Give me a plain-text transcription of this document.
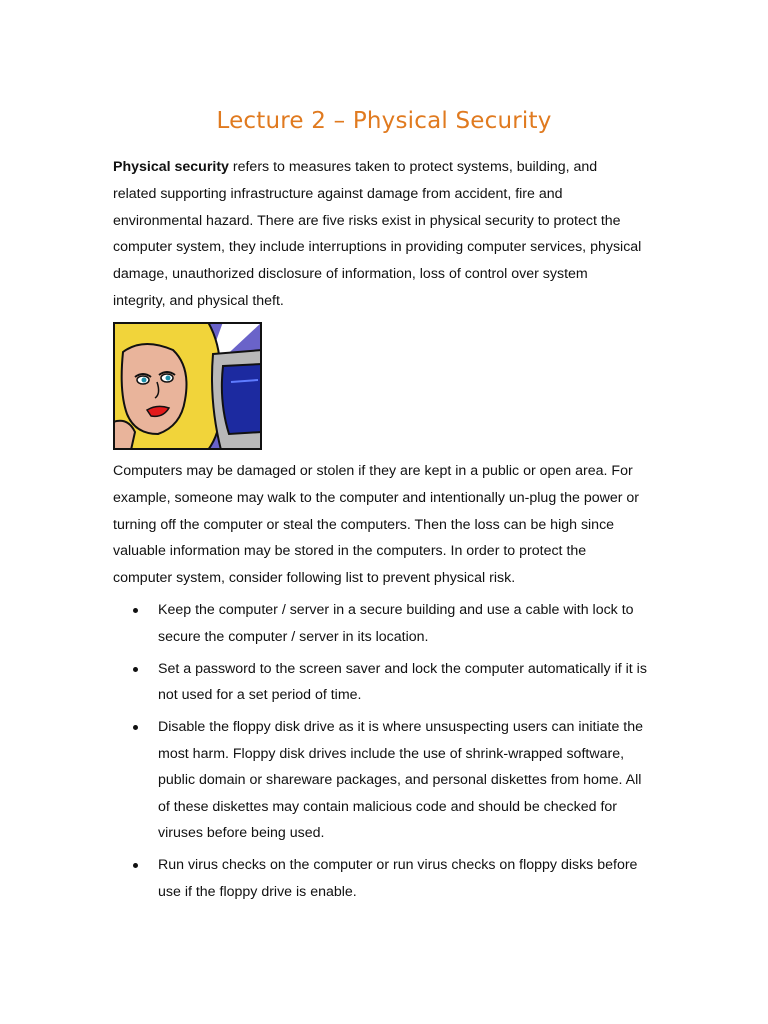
Lecture 2 – Physical Security

Physical security refers to measures taken to protect systems, building, and related supporting infrastructure against damage from accident, fire and environmental hazard. There are five risks exist in physical security to protect the computer system, they include interruptions in providing computer services, physical damage, unauthorized disclosure of information, loss of control over system integrity, and physical theft.

Computers may be damaged or stolen if they are kept in a public or open area. For example, someone may walk to the computer and intentionally un-plug the power or turning off the computer or steal the computers. Then the loss can be high since valuable information may be stored in the computers. In order to protect the computer system, consider following list to prevent physical risk.

Keep the computer / server in a secure building and use a cable with lock to secure the computer / server in its location.
Set a password to the screen saver and lock the computer automatically if it is not used for a set period of time.
Disable the floppy disk drive as it is where unsuspecting users can initiate the most harm. Floppy disk drives include the use of shrink-wrapped software, public domain or shareware packages, and personal diskettes from home. All of these diskettes may contain malicious code and should be checked for viruses before being used.
Run virus checks on the computer or run virus checks on floppy disks before use if the floppy drive is enable.
